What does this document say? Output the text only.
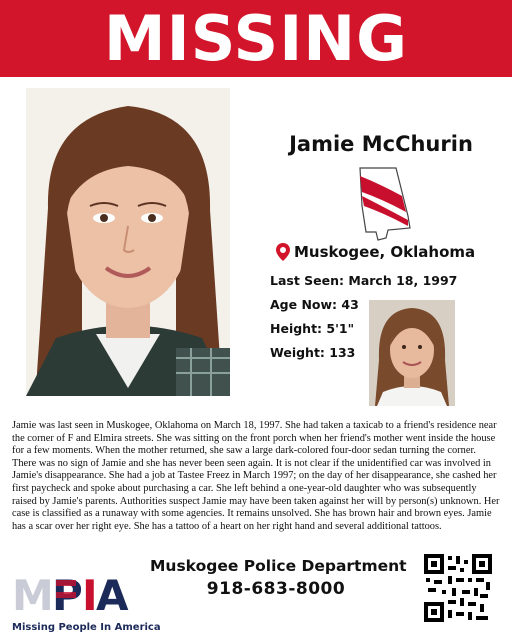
MISSING
Jamie McChurin
Muskogee, Oklahoma
Last Seen: March 18, 1997
Age Now: 43
Height: 5'1"
Weight: 133

Jamie was last seen in Muskogee, Oklahoma on March 18, 1997. She had taken a taxicab to a friend's residence near the corner of F and Elmira streets. She was sitting on the front porch when her friend's mother went inside the house for a few moments. When the mother returned, she saw a large dark-colored four-door sedan turning the corner. There was no sign of Jamie and she has never been seen again. It is not clear if the unidentified car was involved in Jamie's disappearance. She had a job at Tastee Freez in March 1997; on the day of her disappearance, she cashed her first paycheck and spoke about purchasing a car. She left behind a one-year-old daughter who was subsequently raised by Jamie's parents. Authorities suspect Jamie may have been taken against her will by person(s) unknown. Her case is classified as a runaway with some agencies. It remains unsolved. She has brown hair and brown eyes. Jamie has a scar over her right eye. She has a tattoo of a heart on her right hand and several additional tattoos.

M
P I
A
Missing People In America
Muskogee Police Department
918-683-8000
